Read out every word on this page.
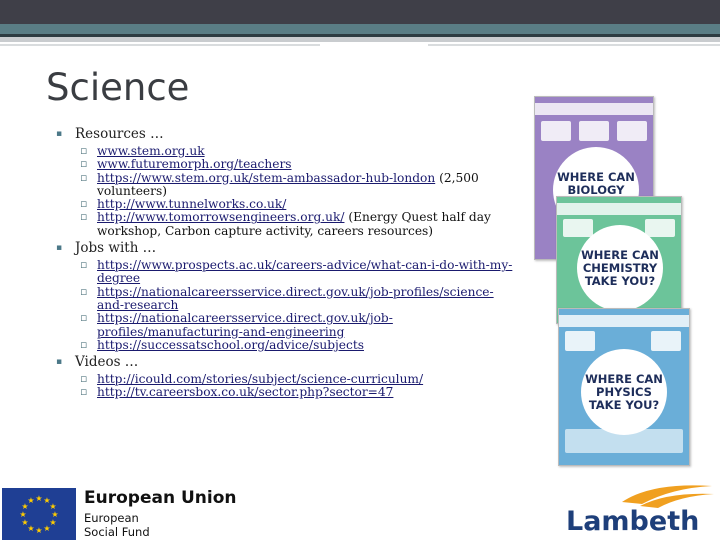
Science
▪ Resources …
▫ www.stem.org.uk
▫ www.futuremorph.org/teachers
▫ https://www.stem.org.uk/stem-ambassador-hub-london (2,500 volunteers)
▫ http://www.tunnelworks.co.uk/
▫ http://www.tomorrowsengineers.org.uk/ (Energy Quest half day workshop, Carbon capture activity, careers resources)
▪ Jobs with …
▫ https://www.prospects.ac.uk/careers-advice/what-can-i-do-with-my-degree
▫ https://nationalcareersservice.direct.gov.uk/job-profiles/science-and-research
▫ https://nationalcareersservice.direct.gov.uk/job-profiles/manufacturing-and-engineering
▫ https://successatschool.org/advice/subjects
▪ Videos …
▫ http://icould.com/stories/subject/science-curriculum/
▫ http://tv.careersbox.co.uk/sector.php?sector=47
WHERE CAN BIOLOGY
WHERE CAN CHEMISTRY TAKE YOU?
WHERE CAN PHYSICS TAKE YOU?
★ ★
★
★
★
★
★
★
★
★
★
★	European Union
European
Social Fund	Lambeth
